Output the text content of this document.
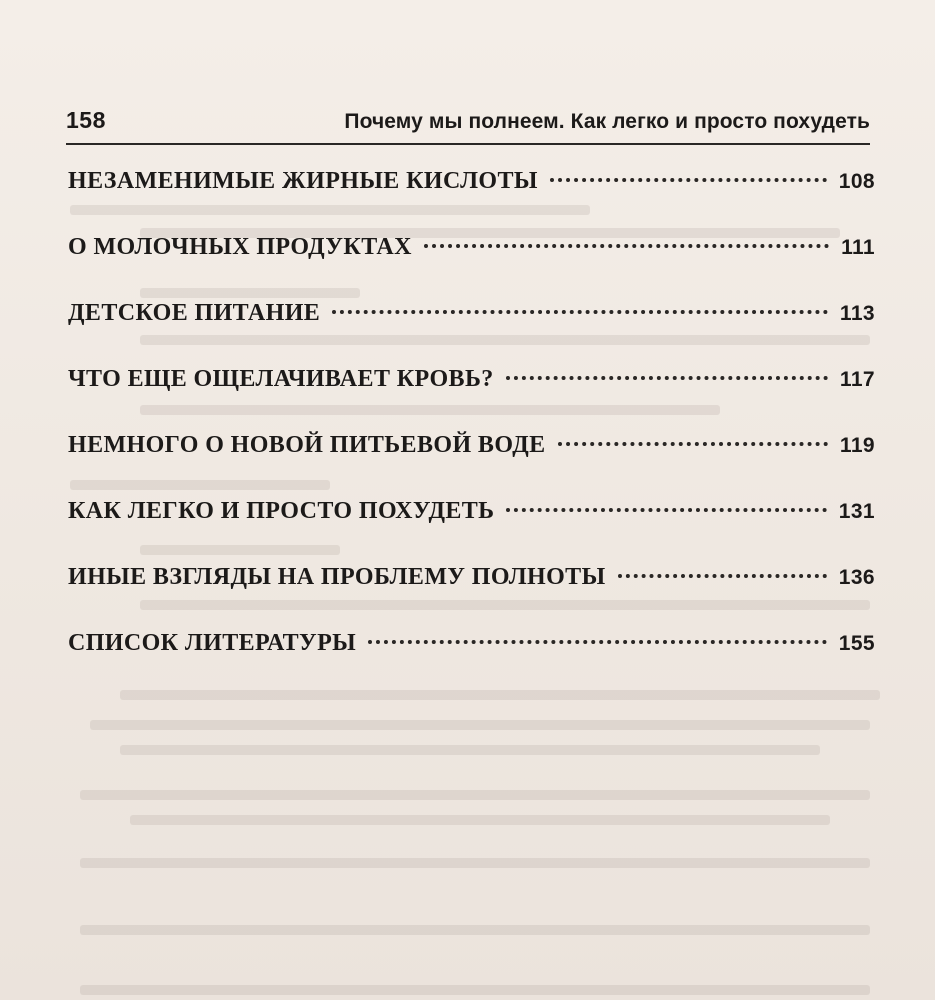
158	Почему мы полнеем. Как легко и просто похудеть
НЕЗАМЕНИМЫЕ ЖИРНЫЕ КИСЛОТЫ	108
О МОЛОЧНЫХ ПРОДУКТАХ	111
ДЕТСКОЕ ПИТАНИЕ	113
ЧТО ЕЩЕ ОЩЕЛАЧИВАЕТ КРОВЬ?	117
НЕМНОГО О НОВОЙ ПИТЬЕВОЙ ВОДЕ	119
КАК ЛЕГКО И ПРОСТО ПОХУДЕТЬ	131
ИНЫЕ ВЗГЛЯДЫ НА ПРОБЛЕМУ ПОЛНОТЫ	136
СПИСОК ЛИТЕРАТУРЫ	155
